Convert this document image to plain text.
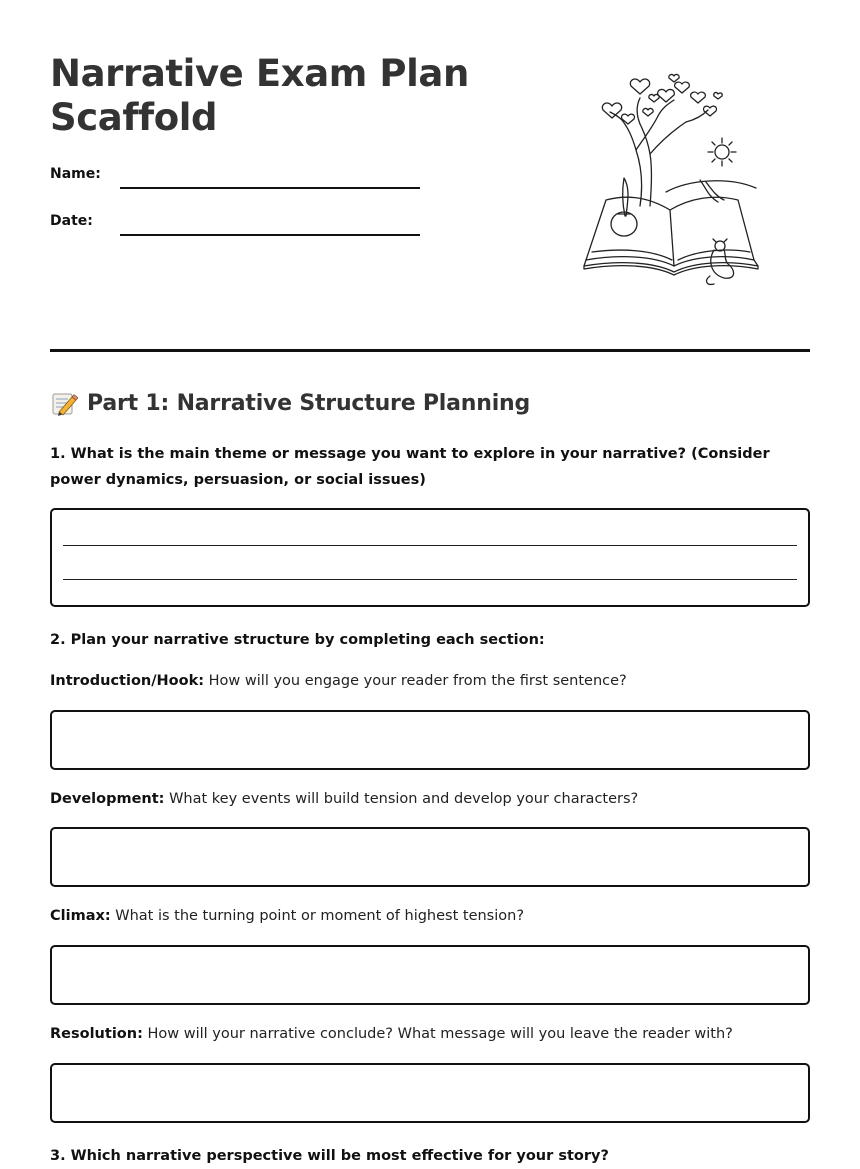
Narrative Exam Plan Scaffold
Name:
Date:
Part 1: Narrative Structure Planning

1. What is the main theme or message you want to explore in your narrative? (Consider power dynamics, persuasion, or social issues)

2. Plan your narrative structure by completing each section:

Introduction/Hook: How will you engage your reader from the first sentence?

Development: What key events will build tension and develop your characters?

Climax: What is the turning point or moment of highest tension?

Resolution: How will your narrative conclude? What message will you leave the reader with?

3. Which narrative perspective will be most effective for your story?
